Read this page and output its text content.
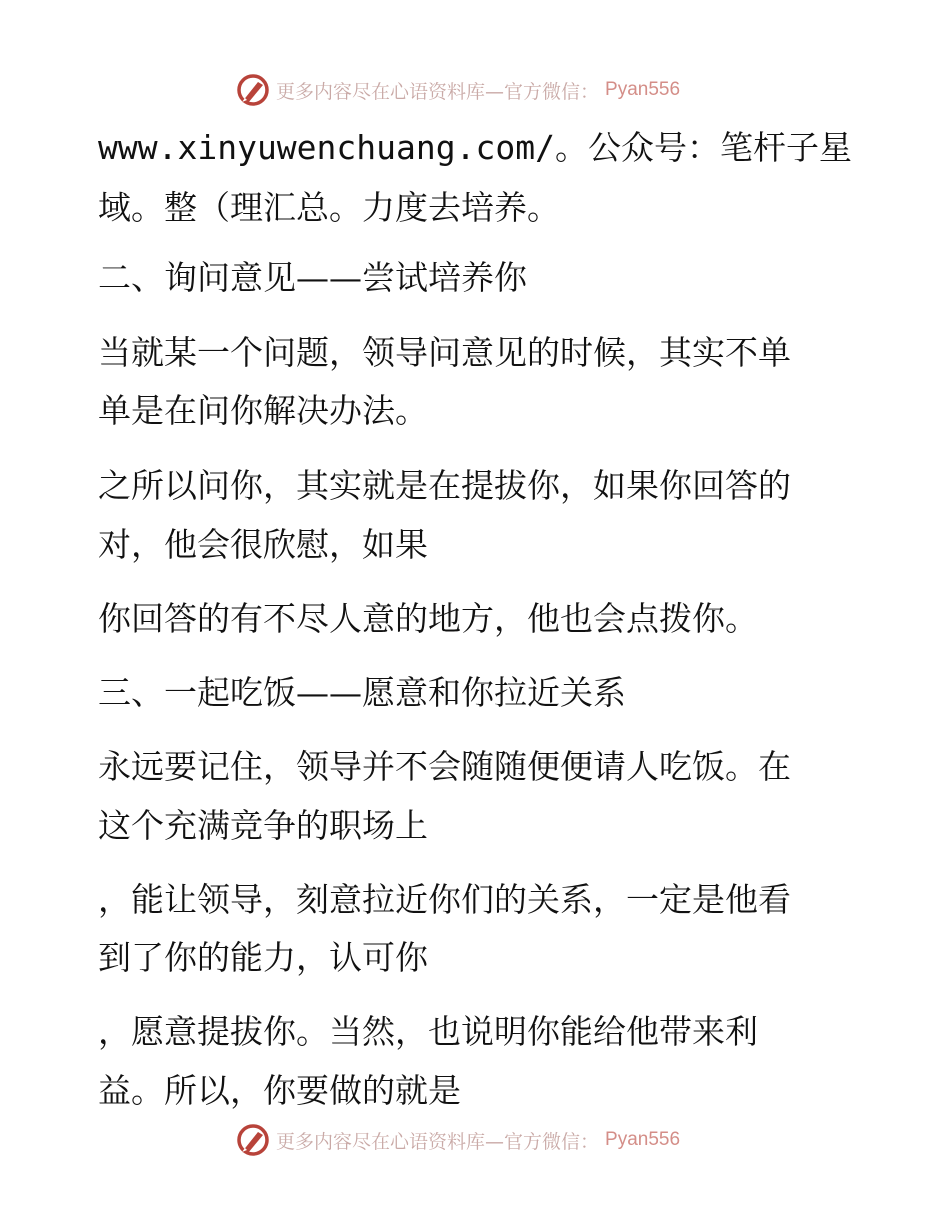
更多内容尽在心语资料库—官方微信： Pyan556
www.xinyuwenchuang.com/。公众号：笔杆子星
域。整（理汇总。力度去培养。
二、询问意见——尝试培养你
当就某一个问题，领导问意见的时候，其实不单
单是在问你解决办法。
之所以问你，其实就是在提拔你，如果你回答的
对，他会很欣慰，如果
你回答的有不尽人意的地方，他也会点拨你。
三、一起吃饭——愿意和你拉近关系
永远要记住，领导并不会随随便便请人吃饭。在
这个充满竞争的职场上
，能让领导，刻意拉近你们的关系，一定是他看
到了你的能力，认可你
，愿意提拔你。当然，也说明你能给他带来利
益。所以，你要做的就是
更多内容尽在心语资料库—官方微信： Pyan556
